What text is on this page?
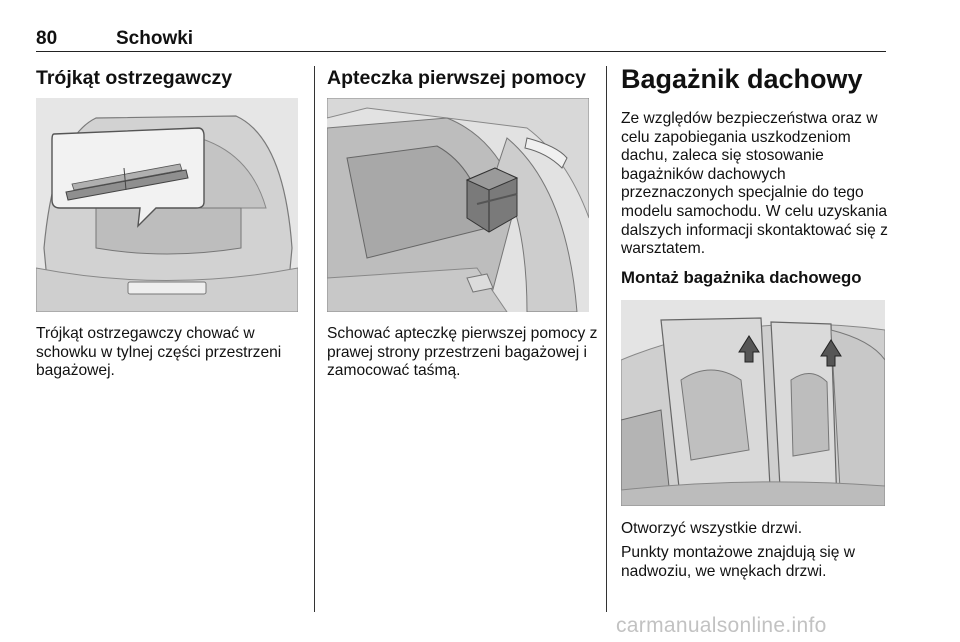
80	Schowki
Trójkąt ostrzegawczy

Trójkąt ostrzegawczy chować w schowku w tylnej części przestrzeni bagażowej.

Apteczka pierwszej pomocy

Schować apteczkę pierwszej pomocy z prawej strony przestrzeni bagażowej i zamocować taśmą.

Bagażnik dachowy

Ze względów bezpieczeństwa oraz w celu zapobiegania uszkodzeniom dachu, zaleca się stosowanie bagażników dachowych przeznaczonych specjalnie do tego modelu samochodu. W celu uzyskania dalszych informacji skontaktować się z warsztatem.

Montaż bagażnika dachowego

Otworzyć wszystkie drzwi.

Punkty montażowe znajdują się w nadwoziu, we wnękach drzwi.

carmanualsonline.info
